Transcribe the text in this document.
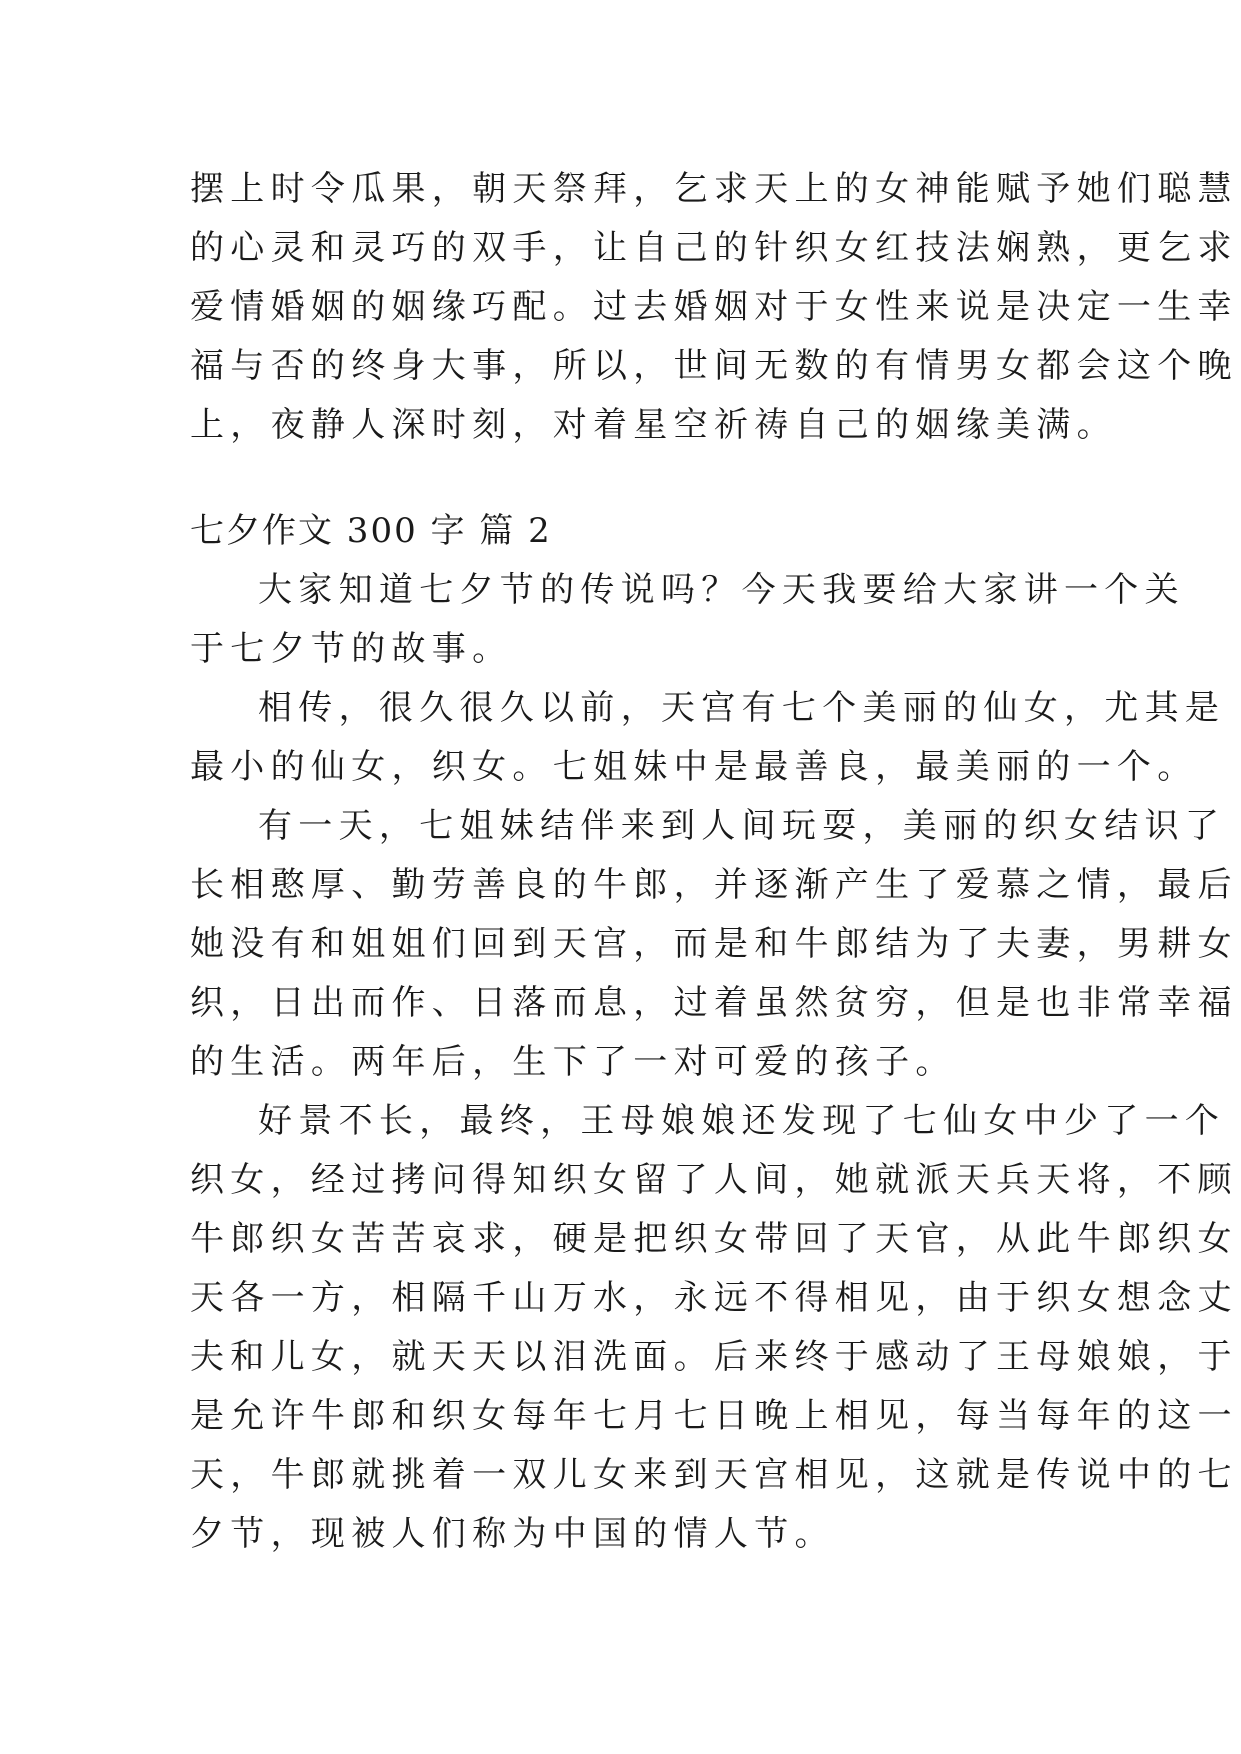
摆上时令瓜果，朝天祭拜，乞求天上的女神能赋予她们聪慧

的心灵和灵巧的双手，让自己的针织女红技法娴熟，更乞求

爱情婚姻的姻缘巧配。过去婚姻对于女性来说是决定一生幸

福与否的终身大事，所以，世间无数的有情男女都会这个晚

上，夜静人深时刻，对着星空祈祷自己的姻缘美满。

七夕作文 300 字 篇 2

大家知道七夕节的传说吗？今天我要给大家讲一个关

于七夕节的故事。

相传，很久很久以前，天宫有七个美丽的仙女，尤其是

最小的仙女，织女。七姐妹中是最善良，最美丽的一个。

有一天，七姐妹结伴来到人间玩耍，美丽的织女结识了

长相憨厚、勤劳善良的牛郎，并逐渐产生了爱慕之情，最后

她没有和姐姐们回到天宫，而是和牛郎结为了夫妻，男耕女

织，日出而作、日落而息，过着虽然贫穷，但是也非常幸福

的生活。两年后，生下了一对可爱的孩子。

好景不长，最终，王母娘娘还发现了七仙女中少了一个

织女，经过拷问得知织女留了人间，她就派天兵天将，不顾

牛郎织女苦苦哀求，硬是把织女带回了天官，从此牛郎织女

天各一方，相隔千山万水，永远不得相见，由于织女想念丈

夫和儿女，就天天以泪洗面。后来终于感动了王母娘娘，于

是允许牛郎和织女每年七月七日晚上相见，每当每年的这一

天，牛郎就挑着一双儿女来到天宫相见，这就是传说中的七

夕节，现被人们称为中国的情人节。
